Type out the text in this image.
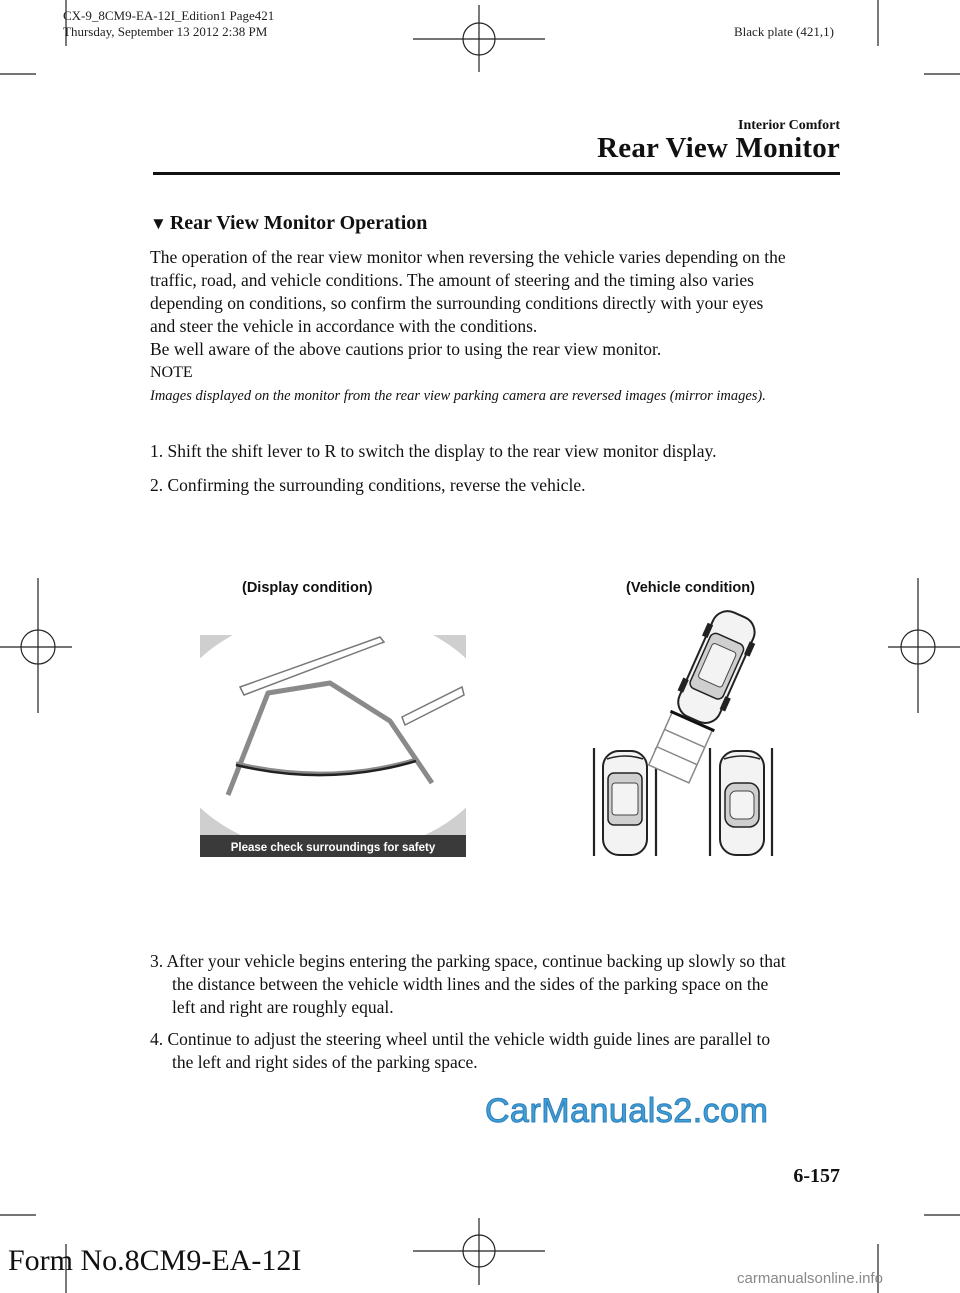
CX-9_8CM9-EA-12I_Edition1 Page421
Thursday, September 13 2012 2:38 PM	Black plate (421,1)
Interior Comfort
Rear View Monitor
▼ Rear View Monitor Operation
The operation of the rear view monitor when reversing the vehicle varies depending on the
traffic, road, and vehicle conditions. The amount of steering and the timing also varies
depending on conditions, so confirm the surrounding conditions directly with your eyes
and steer the vehicle in accordance with the conditions.
Be well aware of the above cautions prior to using the rear view monitor.
NOTE
Images displayed on the monitor from the rear view parking camera are reversed images (mirror images).
1. Shift the shift lever to R to switch the display to the rear view monitor display.
2. Confirming the surrounding conditions, reverse the vehicle.
(Display condition)	(Vehicle condition)
Please check surroundings for safety
3. After your vehicle begins entering the parking space, continue backing up slowly so that
the distance between the vehicle width lines and the sides of the parking space on the
left and right are roughly equal.
4. Continue to adjust the steering wheel until the vehicle width guide lines are parallel to
the left and right sides of the parking space.
CarManuals2.com
6-157
Form No.8CM9-EA-12I
carmanualsonline.info
